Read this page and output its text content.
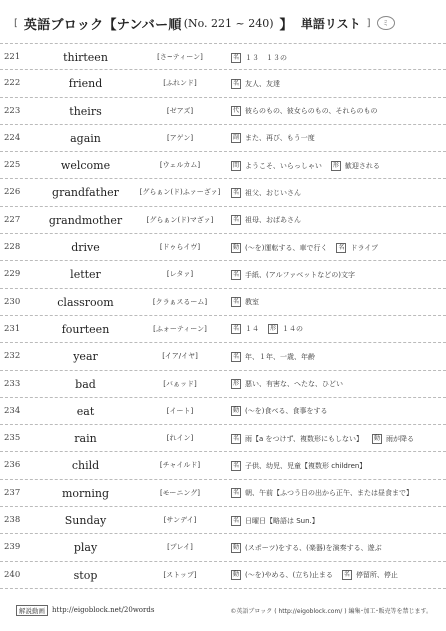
[ 英語ブロック【ナンバー順 (No. 221 ~ 240) 】 単語リスト ]	ミ
221	thirteen	[さ~ティーン]	名 １３　１３の
222	friend	[ふれンド]	名 友人、友達
223	theirs	[ゼアズ]	代 彼らのもの、彼女らのもの、それらのもの
224	again	[アゲン]	副 また、再び、もう一度
225	welcome	[ウェルカム]	間 ようこそ、いらっしゃい	形 歓迎される
226	grandfather	[グらぁン(ド)ふァーざァ]	名 祖父、おじいさん
227	grandmother	[グらぁン(ド)マざァ]	名 祖母、おばあさん
228	drive	[ドゥらイヴ]	動 (～を)運転する、車で行く	名 ドライブ
229	letter	[レタァ]	名 手紙、(アルファベットなどの)文字
230	classroom	[クラぁスるーム]	名 教室
231	fourteen	[ふォーティーン]	名 １４	形 １４の
232	year	[イア/イヤ]	名 年、１年、一歳、年齢
233	bad	[バぁッド]	形 悪い、有害な、へたな、ひどい
234	eat	[イート]	動 (～を)食べる、食事をする
235	rain	[れイン]	名 雨【a をつけず、複数形にもしない】	動 雨が降る
236	child	[チャイルド]	名 子供、幼児、児童【複数形 children】
237	morning	[モーニング]	名 朝、午前【ふつう日の出から正午、または昼食まで】
238	Sunday	[サンデイ]	名 日曜日【略語は Sun.】
239	play	[プレイ]	動 (スポーツ)をする、(楽器)を演奏する、遊ぶ
240	stop	[ストップ]	動 (～を)やめる、(立ち)止まる	名 停留所、停止
解説動画	http://eigoblock.net/20words	©英語ブロック ( http://eigoblock.com/ ) 編集･加工･販売等を禁じます。
